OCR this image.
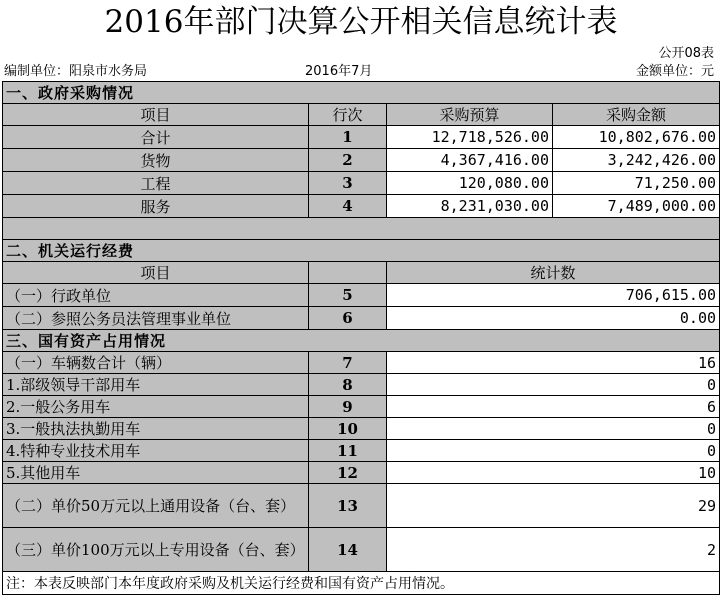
2016年部门决算公开相关信息统计表
公开08表
编制单位：阳泉市水务局	2016年7月	金额单位：元
一、政府采购情况			
项目	行次	采购预算	采购金额
合计	1	12,718,526.00	10,802,676.00
货物	2	4,367,416.00	3,242,426.00
工程	3	120,080.00	71,250.00
服务	4	8,231,030.00	7,489,000.00

二、机关运行经费			
项目		统计数	
（一）行政单位	5	706,615.00	
（二）参照公务员法管理事业单位	6	0.00	
三、国有资产占用情况			
（一）车辆数合计（辆）	7	16	
1.部级领导干部用车	8	0	
2.一般公务用车	9	6	
3.一般执法执勤用车	10	0	
4.特种专业技术用车	11	0	
5.其他用车	12	10	
（二）单价50万元以上通用设备（台、套）	13	29	
（三）单价100万元以上专用设备（台、套）	14	2	
注：本表反映部门本年度政府采购及机关运行经费和国有资产占用情况。			
